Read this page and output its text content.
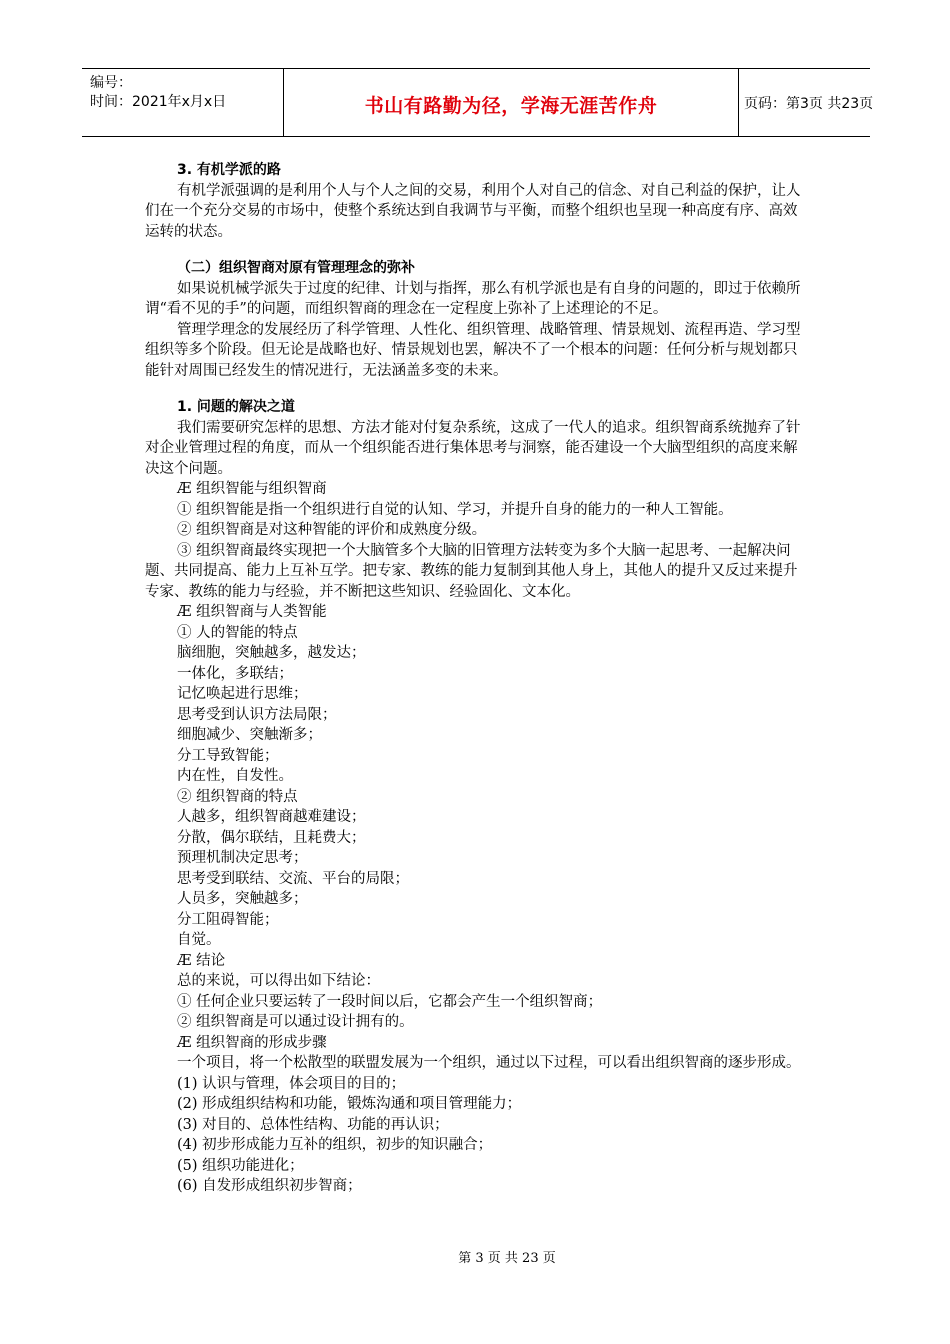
编号：
时间：2021年x月x日	书山有路勤为径，学海无涯苦作舟	页码：第3页 共23页

3. 有机学派的路

有机学派强调的是利用个人与个人之间的交易，利用个人对自己的信念、对自己利益的保护，让人们在一个充分交易的市场中，使整个系统达到自我调节与平衡，而整个组织也呈现一种高度有序、高效运转的状态。

（二）组织智商对原有管理理念的弥补

如果说机械学派失于过度的纪律、计划与指挥，那么有机学派也是有自身的问题的，即过于依赖所谓“看不见的手”的问题，而组织智商的理念在一定程度上弥补了上述理论的不足。

管理学理念的发展经历了科学管理、人性化、组织管理、战略管理、情景规划、流程再造、学习型组织等多个阶段。但无论是战略也好、情景规划也罢，解决不了一个根本的问题：任何分析与规划都只能针对周围已经发生的情况进行，无法涵盖多变的未来。

1. 问题的解决之道

我们需要研究怎样的思想、方法才能对付复杂系统，这成了一代人的追求。组织智商系统抛弃了针对企业管理过程的角度，而从一个组织能否进行集体思考与洞察，能否建设一个大脑型组织的高度来解决这个问题。

Æ 组织智能与组织智商

① 组织智能是指一个组织进行自觉的认知、学习，并提升自身的能力的一种人工智能。

② 组织智商是对这种智能的评价和成熟度分级。

③ 组织智商最终实现把一个大脑管多个大脑的旧管理方法转变为多个大脑一起思考、一起解决问题、共同提高、能力上互补互学。把专家、教练的能力复制到其他人身上，其他人的提升又反过来提升专家、教练的能力与经验，并不断把这些知识、经验固化、文本化。

Æ 组织智商与人类智能

① 人的智能的特点

脑细胞，突触越多，越发达；

一体化，多联结；

记忆唤起进行思维；

思考受到认识方法局限；

细胞减少、突触渐多；

分工导致智能；

内在性，自发性。

② 组织智商的特点

人越多，组织智商越难建设；

分散，偶尔联结，且耗费大；

预理机制决定思考；

思考受到联结、交流、平台的局限；

人员多，突触越多；

分工阻碍智能；

自觉。

Æ 结论

总的来说，可以得出如下结论：

① 任何企业只要运转了一段时间以后，它都会产生一个组织智商；

② 组织智商是可以通过设计拥有的。

Æ 组织智商的形成步骤

一个项目，将一个松散型的联盟发展为一个组织，通过以下过程，可以看出组织智商的逐步形成。

(1) 认识与管理，体会项目的目的；

(2) 形成组织结构和功能，锻炼沟通和项目管理能力；

(3) 对目的、总体性结构、功能的再认识；

(4) 初步形成能力互补的组织，初步的知识融合；

(5) 组织功能进化；

(6) 自发形成组织初步智商；

第 3 页 共 23 页
